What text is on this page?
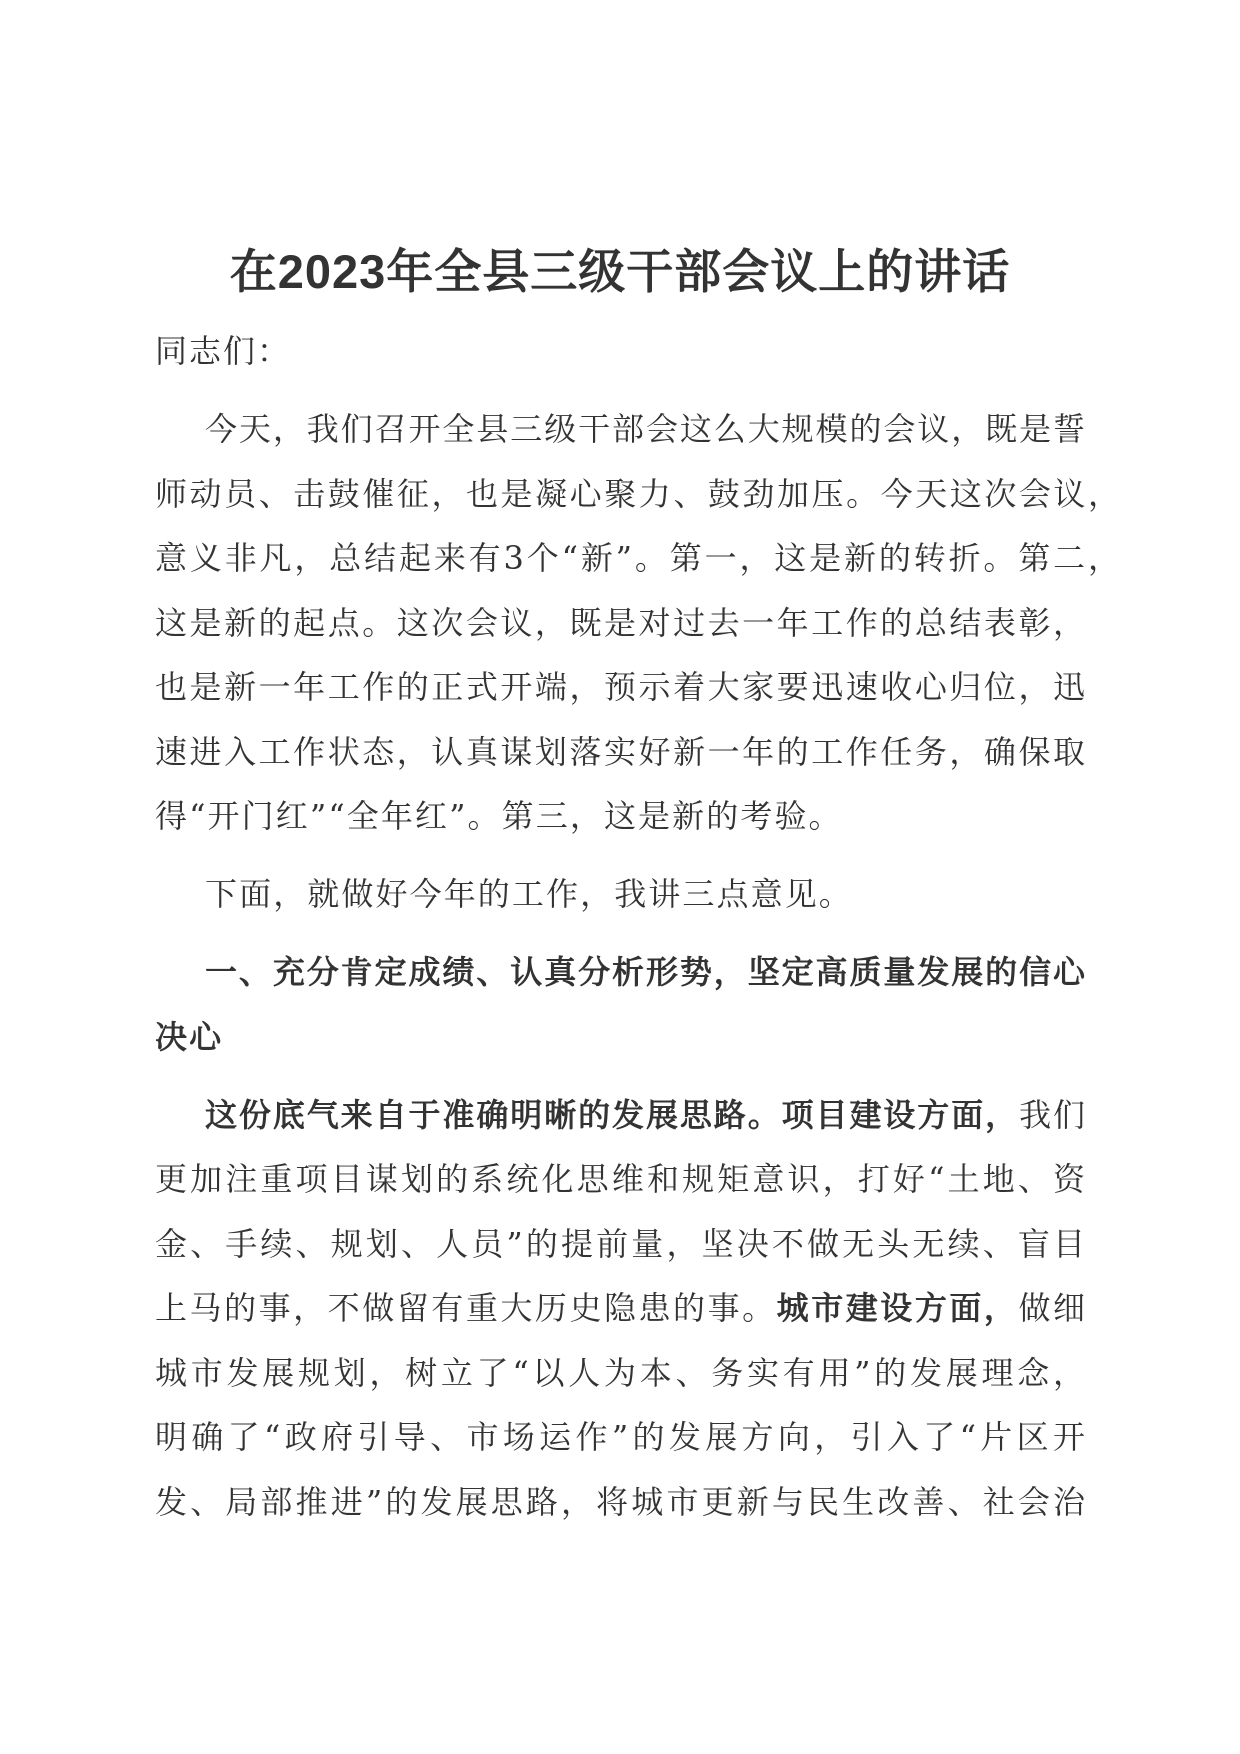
在2023年全县三级干部会议上的讲话
同志们：
今天，我们召开全县三级干部会这么大规模的会议，既是誓
师动员、击鼓催征，也是凝心聚力、鼓劲加压。今天这次会议，
意义非凡，总结起来有3个“新”。第一，这是新的转折。第二，
这是新的起点。这次会议，既是对过去一年工作的总结表彰，
也是新一年工作的正式开端，预示着大家要迅速收心归位，迅
速进入工作状态，认真谋划落实好新一年的工作任务，确保取
得“开门红”“全年红”。第三，这是新的考验。
下面，就做好今年的工作，我讲三点意见。
一、充分肯定成绩、认真分析形势，坚定高质量发展的信心
决心
这份底气来自于准确明晰的发展思路。项目建设方面，我们
更加注重项目谋划的系统化思维和规矩意识，打好“土地、资
金、手续、规划、人员”的提前量，坚决不做无头无续、盲目
上马的事，不做留有重大历史隐患的事。城市建设方面，做细
城市发展规划，树立了“以人为本、务实有用”的发展理念，
明确了“政府引导、市场运作”的发展方向，引入了“片区开
发、局部推进”的发展思路，将城市更新与民生改善、社会治
